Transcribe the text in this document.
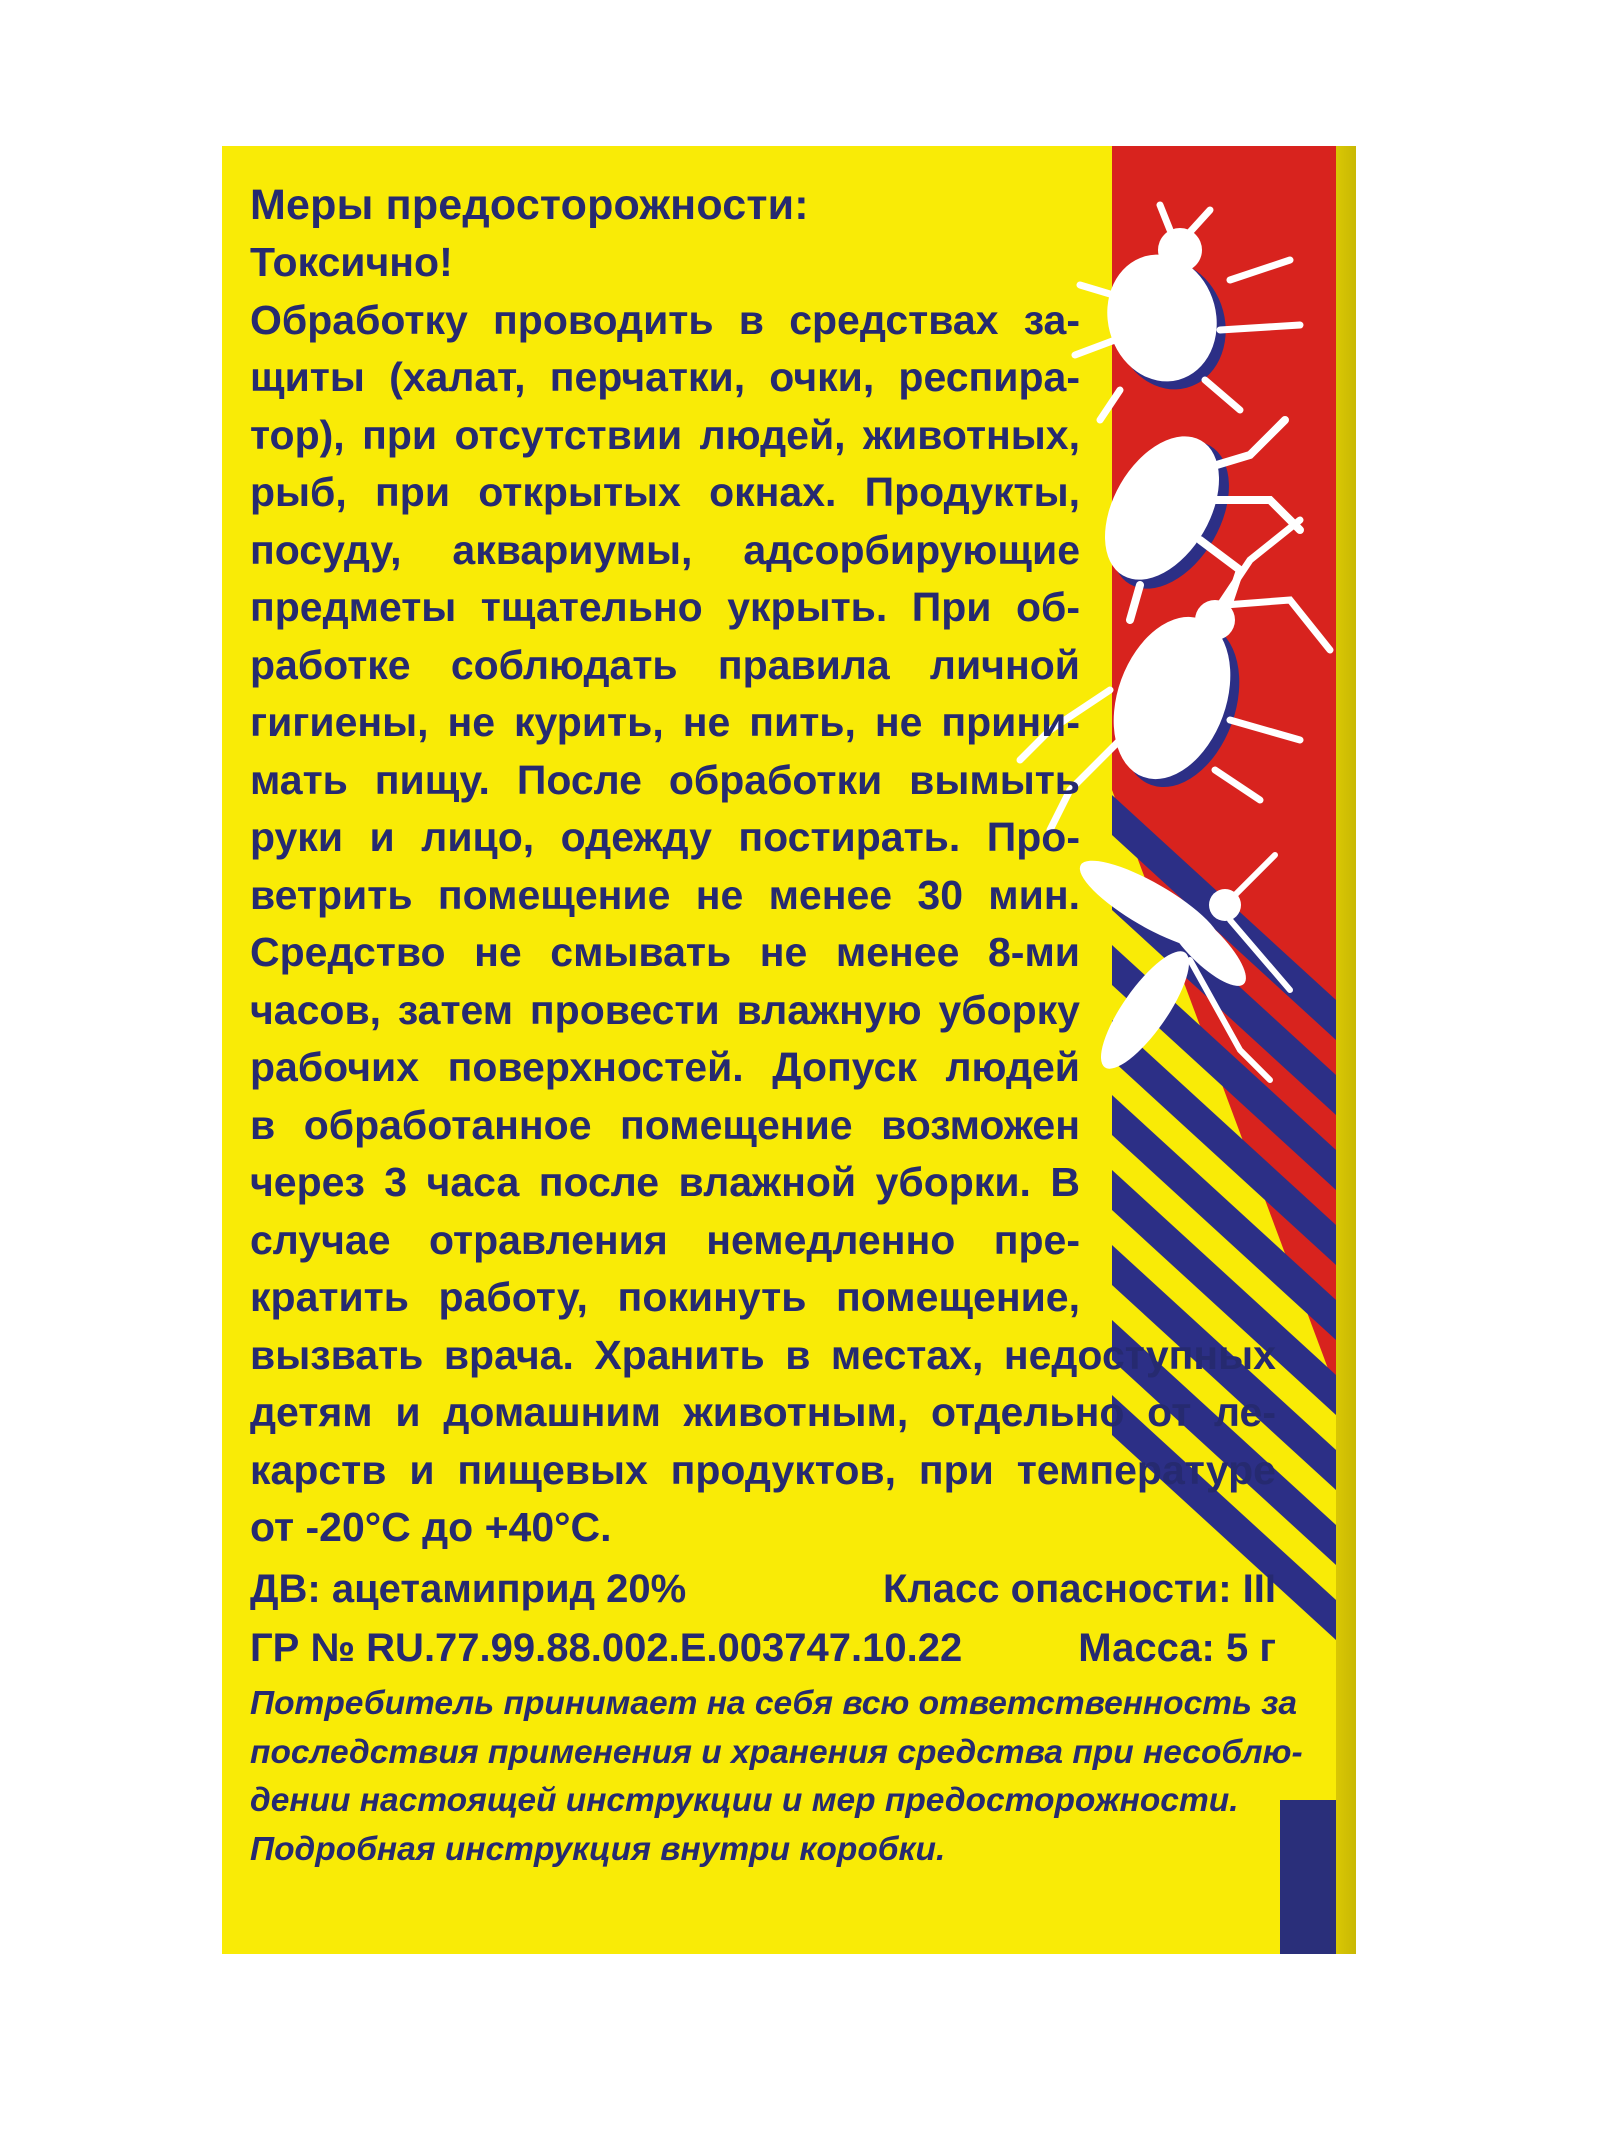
Меры предосторожности:
Токсично!
Обработку проводить в средствах за-
щиты (халат, перчатки, очки, респира-
тор), при отсутствии людей, животных,
рыб, при открытых окнах. Продукты,
посуду, аквариумы, адсорбирующие
предметы тщательно укрыть. При об-
работке соблюдать правила личной
гигиены, не курить, не пить, не прини-
мать пищу. После обработки вымыть
руки и лицо, одежду постирать. Про-
ветрить помещение не менее 30 мин.
Средство не смывать не менее 8-ми
часов, затем провести влажную уборку
рабочих поверхностей. Допуск людей
в обработанное помещение возможен
через 3 часа после влажной уборки. В
случае отравления немедленно пре-
кратить работу, покинуть помещение,
вызвать врача. Хранить в местах, недоступных
детям и домашним животным, отдельно от ле-
карств и пищевых продуктов, при температуре
от -20°С до +40°С.
ДВ: ацетамиприд 20%	Класс опасности: III
ГР № RU.77.99.88.002.Е.003747.10.22	Масса: 5 г
Потребитель принимает на себя всю ответственность за
последствия применения и хранения средства при несоблю-
дении настоящей инструкции и мер предосторожности.
Подробная инструкция внутри коробки.
